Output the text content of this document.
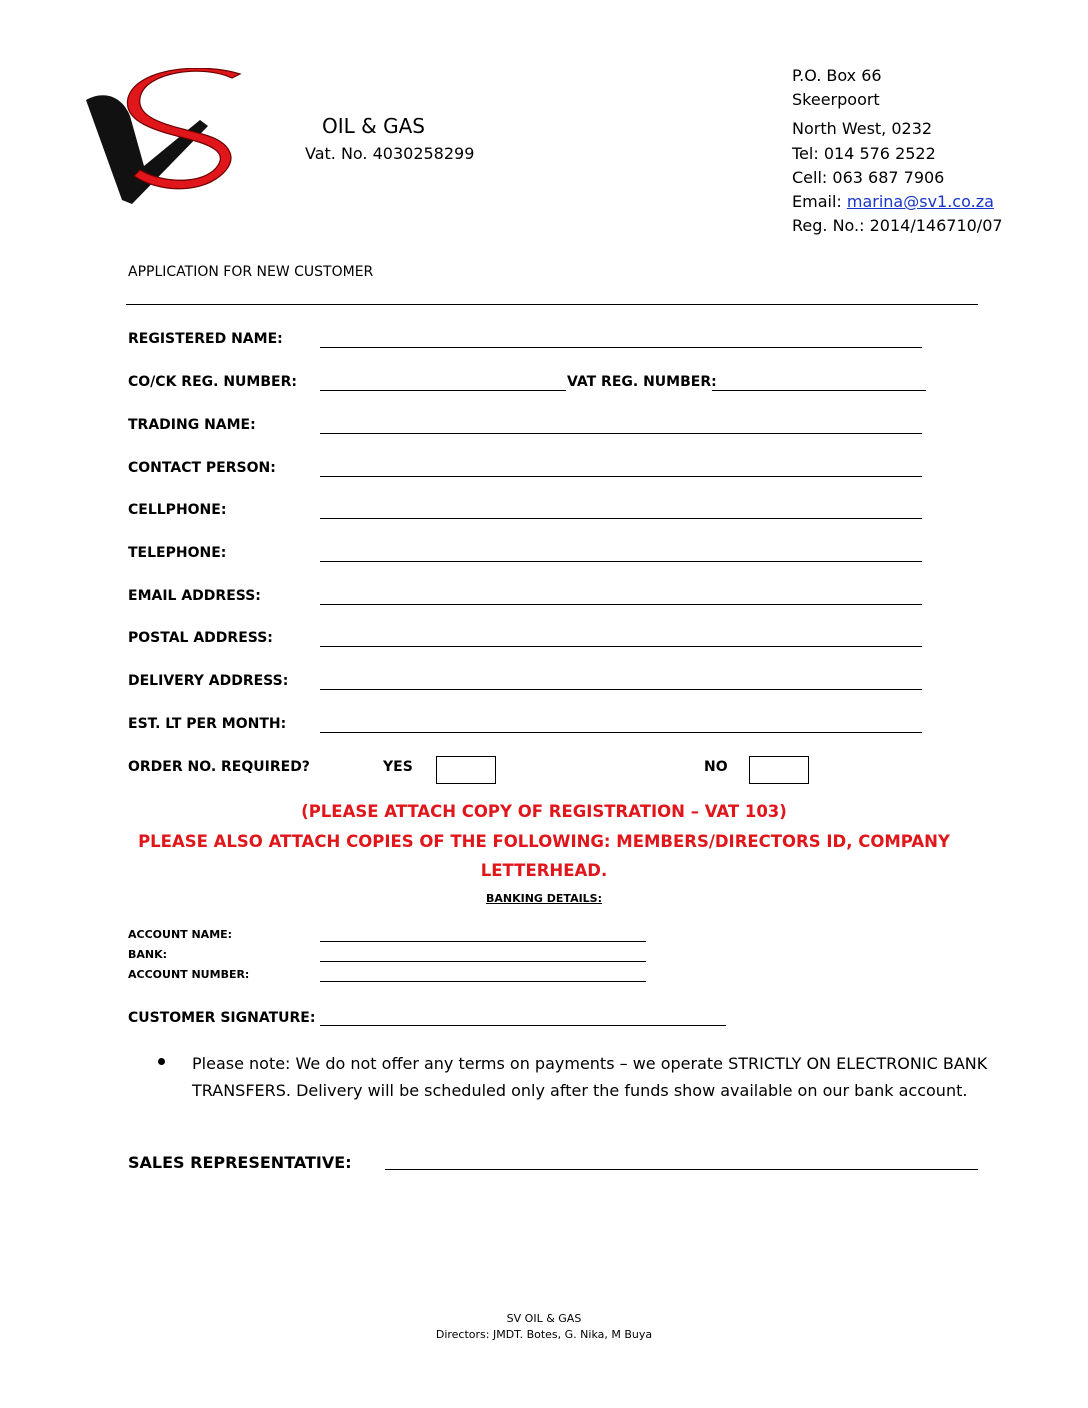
OIL & GAS
Vat. No. 4030258299
P.O. Box 66
Skeerpoort
North West, 0232
Tel: 014 576 2522
Cell: 063 687 7906
Email: marina@sv1.co.za
Reg. No.: 2014/146710/07
APPLICATION FOR NEW CUSTOMER
REGISTERED NAME:
CO/CK REG. NUMBER:	VAT REG. NUMBER:
TRADING NAME:
CONTACT PERSON:
CELLPHONE:
TELEPHONE:
EMAIL ADDRESS:
POSTAL ADDRESS:
DELIVERY ADDRESS:
EST. LT PER MONTH:
ORDER NO. REQUIRED?	YES	NO
(PLEASE ATTACH COPY OF REGISTRATION – VAT 103)
PLEASE ALSO ATTACH COPIES OF THE FOLLOWING: MEMBERS/DIRECTORS ID, COMPANY
LETTERHEAD.
BANKING DETAILS:
ACCOUNT NAME:
BANK:
ACCOUNT NUMBER:
CUSTOMER SIGNATURE:
Please note: We do not offer any terms on payments – we operate STRICTLY ON ELECTRONIC BANK TRANSFERS. Delivery will be scheduled only after the funds show available on our bank account.
SALES REPRESENTATIVE:
SV OIL & GAS
Directors: JMDT. Botes, G. Nika, M Buya
